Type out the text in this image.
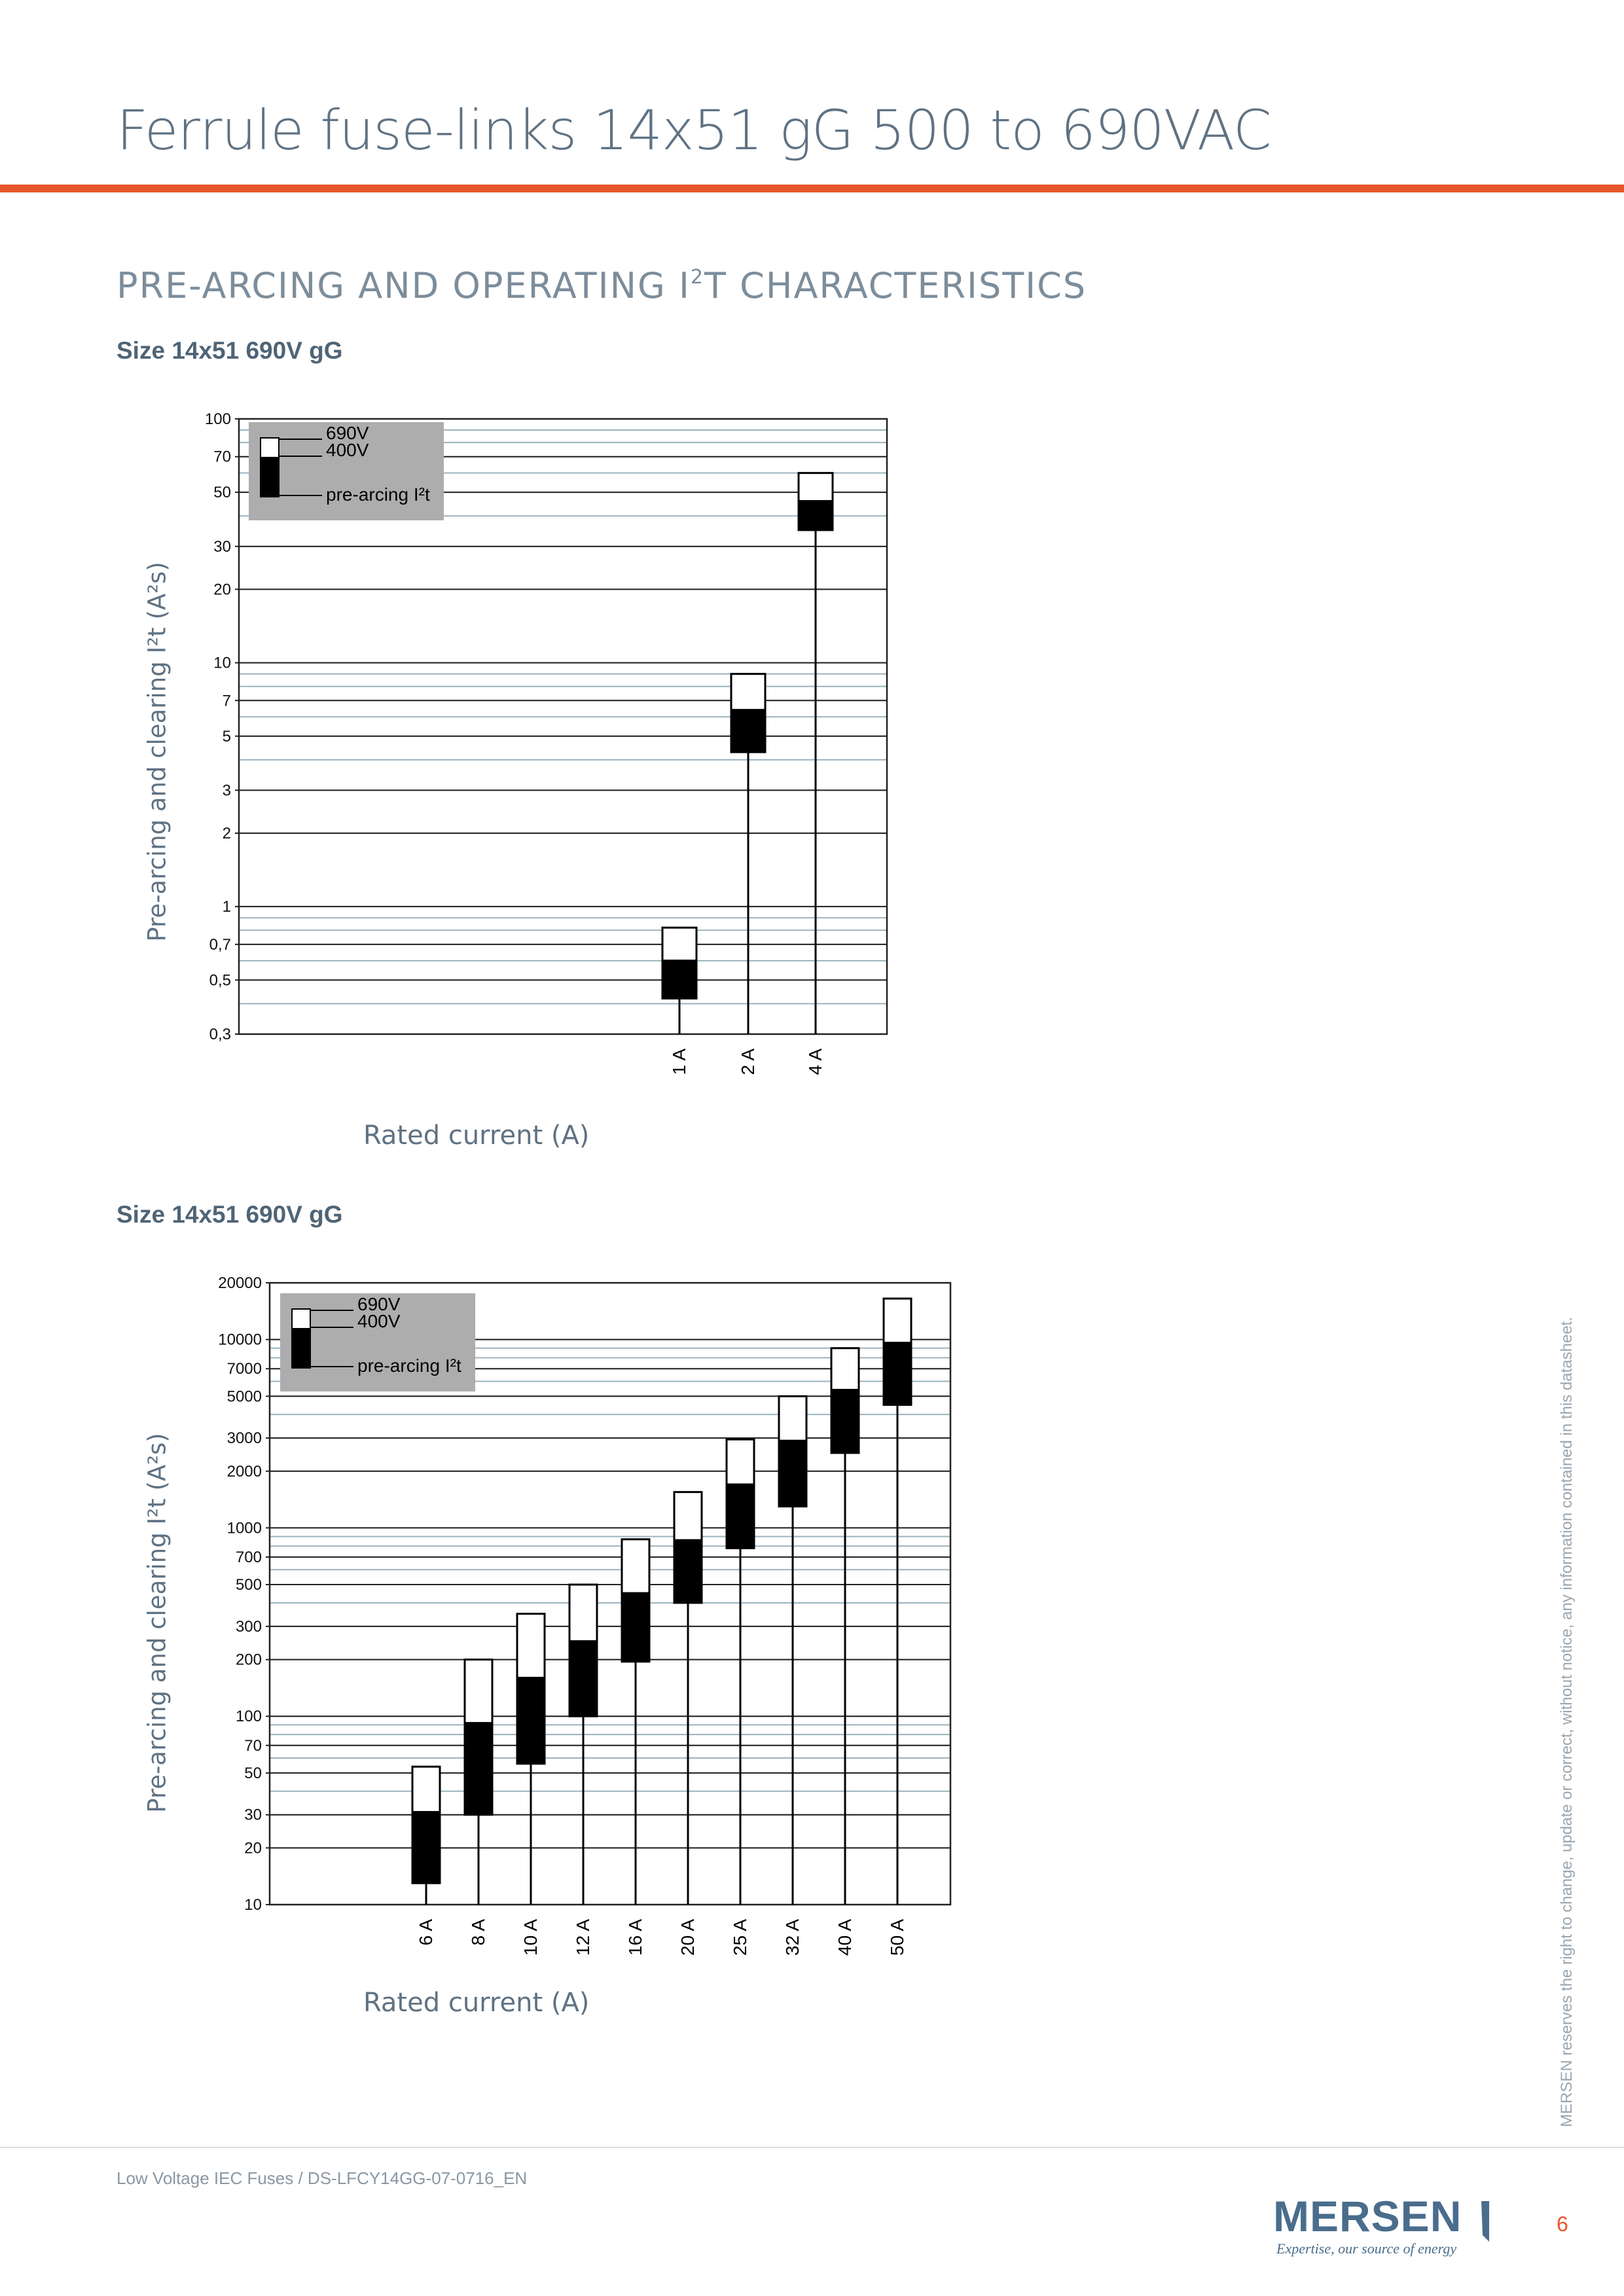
Ferrule fuse-links 14x51 gG 500 to 690VAC
PRE-ARCING AND OPERATING $I^2T$ CHARACTERISTICS
Size 14x51 690V gG
Pre-arcing and clearing I²t (A²s)
0,3
0,5
0,7
1
2
3
5
7
10
20
30
50
70
100
690V
400V
pre-arcing I²t
1 A	2 A	4 A
Rated current (A)
Size 14x51 690V gG
Pre-arcing and clearing I²t (A²s)
10
20
30
50
70
100
200
300
500
700
1000
2000
3000
5000
7000
10000
20000
690V
400V
pre-arcing I²t
6 A 8 A 10 A 12 A 16 A 20 A 25 A 32 A 40 A 50 A
Rated current (A)
Low Voltage IEC Fuses / DS-LFCY14GG-07-0716_EN
MERSEN reserves the right to change, update or correct, without notice, any information contained in this datasheet.
MERSEN
Expertise, our source of energy
6
